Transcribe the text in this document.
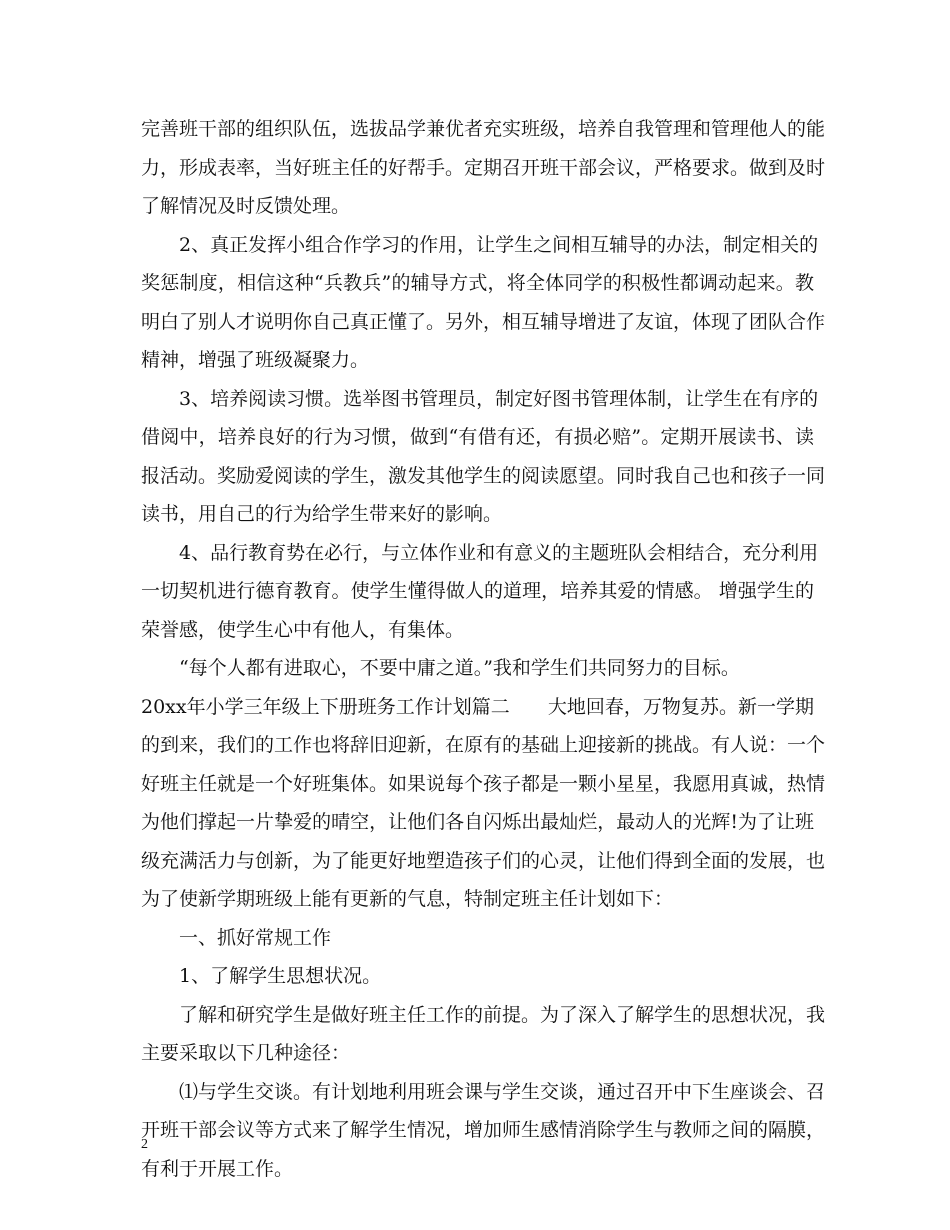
完善班干部的组织队伍，选拔品学兼优者充实班级，培养自我管理和管理他人的能
力，形成表率，当好班主任的好帮手。定期召开班干部会议，严格要求。做到及时
了解情况及时反馈处理。
2、真正发挥小组合作学习的作用，让学生之间相互辅导的办法，制定相关的
奖惩制度，相信这种“兵教兵”的辅导方式，将全体同学的积极性都调动起来。教
明白了别人才说明你自己真正懂了。另外，相互辅导增进了友谊，体现了团队合作
精神，增强了班级凝聚力。
3、培养阅读习惯。选举图书管理员，制定好图书管理体制，让学生在有序的
借阅中，培养良好的行为习惯，做到“有借有还，有损必赔”。定期开展读书、读
报活动。奖励爱阅读的学生，激发其他学生的阅读愿望。同时我自己也和孩子一同
读书，用自己的行为给学生带来好的影响。
4、品行教育势在必行，与立体作业和有意义的主题班队会相结合，充分利用
一切契机进行德育教育。使学生懂得做人的道理，培养其爱的情感。 增强学生的
荣誉感，使学生心中有他人，有集体。
“每个人都有进取心，不要中庸之道。”我和学生们共同努力的目标。
20xx年小学三年级上下册班务工作计划篇二　　大地回春，万物复苏。新一学期
的到来，我们的工作也将辞旧迎新，在原有的基础上迎接新的挑战。有人说：一个
好班主任就是一个好班集体。如果说每个孩子都是一颗小星星，我愿用真诚，热情
为他们撑起一片挚爱的晴空，让他们各自闪烁出最灿烂，最动人的光辉!为了让班
级充满活力与创新，为了能更好地塑造孩子们的心灵，让他们得到全面的发展，也
为了使新学期班级上能有更新的气息，特制定班主任计划如下：
一、抓好常规工作
1、了解学生思想状况。
了解和研究学生是做好班主任工作的前提。为了深入了解学生的思想状况，我
主要采取以下几种途径：
⑴与学生交谈。有计划地利用班会课与学生交谈，通过召开中下生座谈会、召
开班干部会议等方式来了解学生情况，增加师生感情消除学生与教师之间的隔膜，
有利于开展工作。
2
